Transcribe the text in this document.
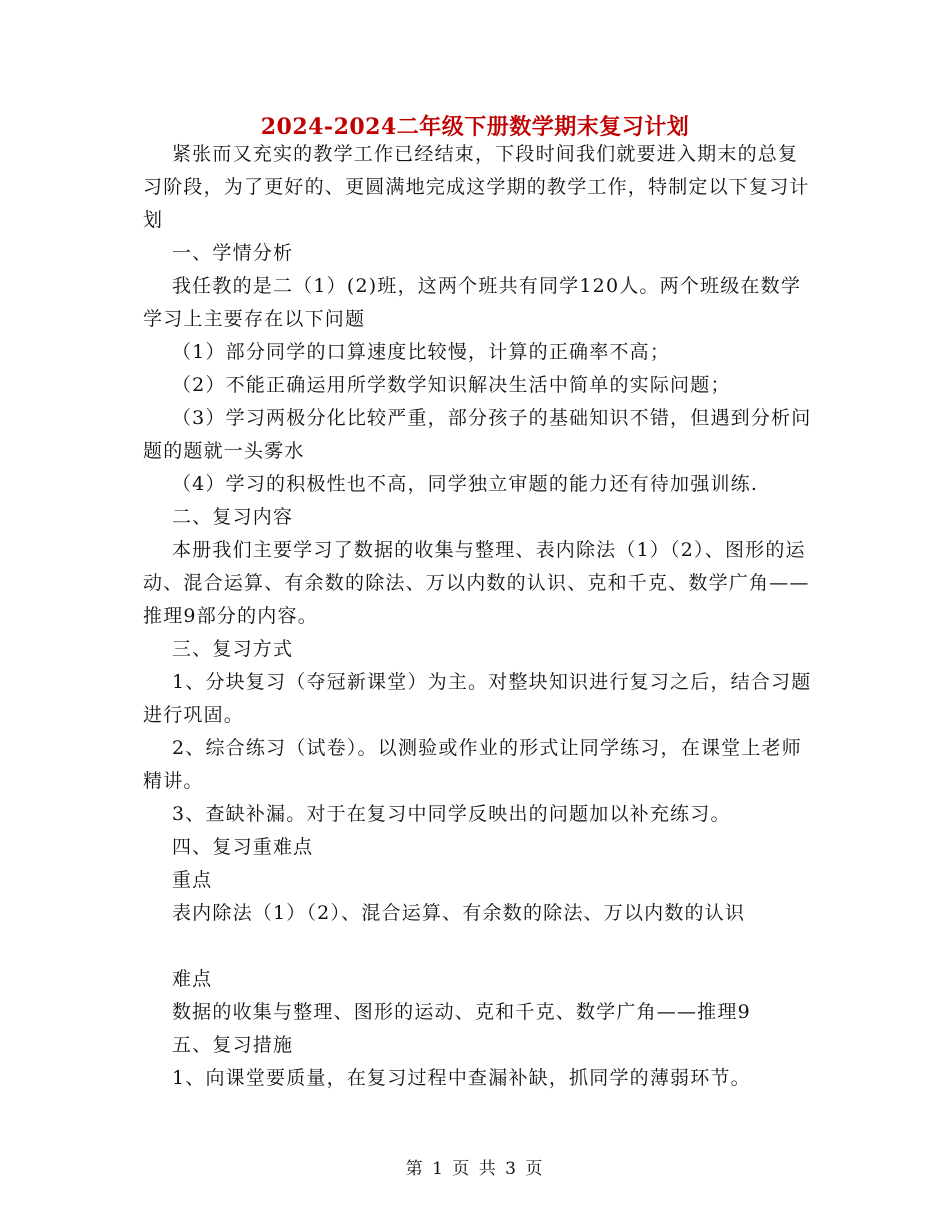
2024-2024二年级下册数学期末复习计划
紧张而又充实的教学工作已经结束，下段时间我们就要进入期末的总复习阶段，为了更好的、更圆满地完成这学期的教学工作，特制定以下复习计划
一、学情分析
我任教的是二（1）(2)班，这两个班共有同学120人。两个班级在数学学习上主要存在以下问题
（1）部分同学的口算速度比较慢，计算的正确率不高；
（2）不能正确运用所学数学知识解决生活中简单的实际问题；
（3）学习两极分化比较严重，部分孩子的基础知识不错，但遇到分析问题的题就一头雾水
（4）学习的积极性也不高，同学独立审题的能力还有待加强训练.
二、复习内容
本册我们主要学习了数据的收集与整理、表内除法（1）（2）、图形的运动、混合运算、有余数的除法、万以内数的认识、克和千克、数学广角——推理9部分的内容。
三、复习方式
1、分块复习（夺冠新课堂）为主。对整块知识进行复习之后，结合习题进行巩固。
2、综合练习（试卷）。以测验或作业的形式让同学练习，在课堂上老师精讲。
3、查缺补漏。对于在复习中同学反映出的问题加以补充练习。
四、复习重难点
重点
表内除法（1）（2）、混合运算、有余数的除法、万以内数的认识
难点
数据的收集与整理、图形的运动、克和千克、数学广角——推理9
五、复习措施
1、向课堂要质量，在复习过程中查漏补缺，抓同学的薄弱环节。
第 1 页 共 3 页
